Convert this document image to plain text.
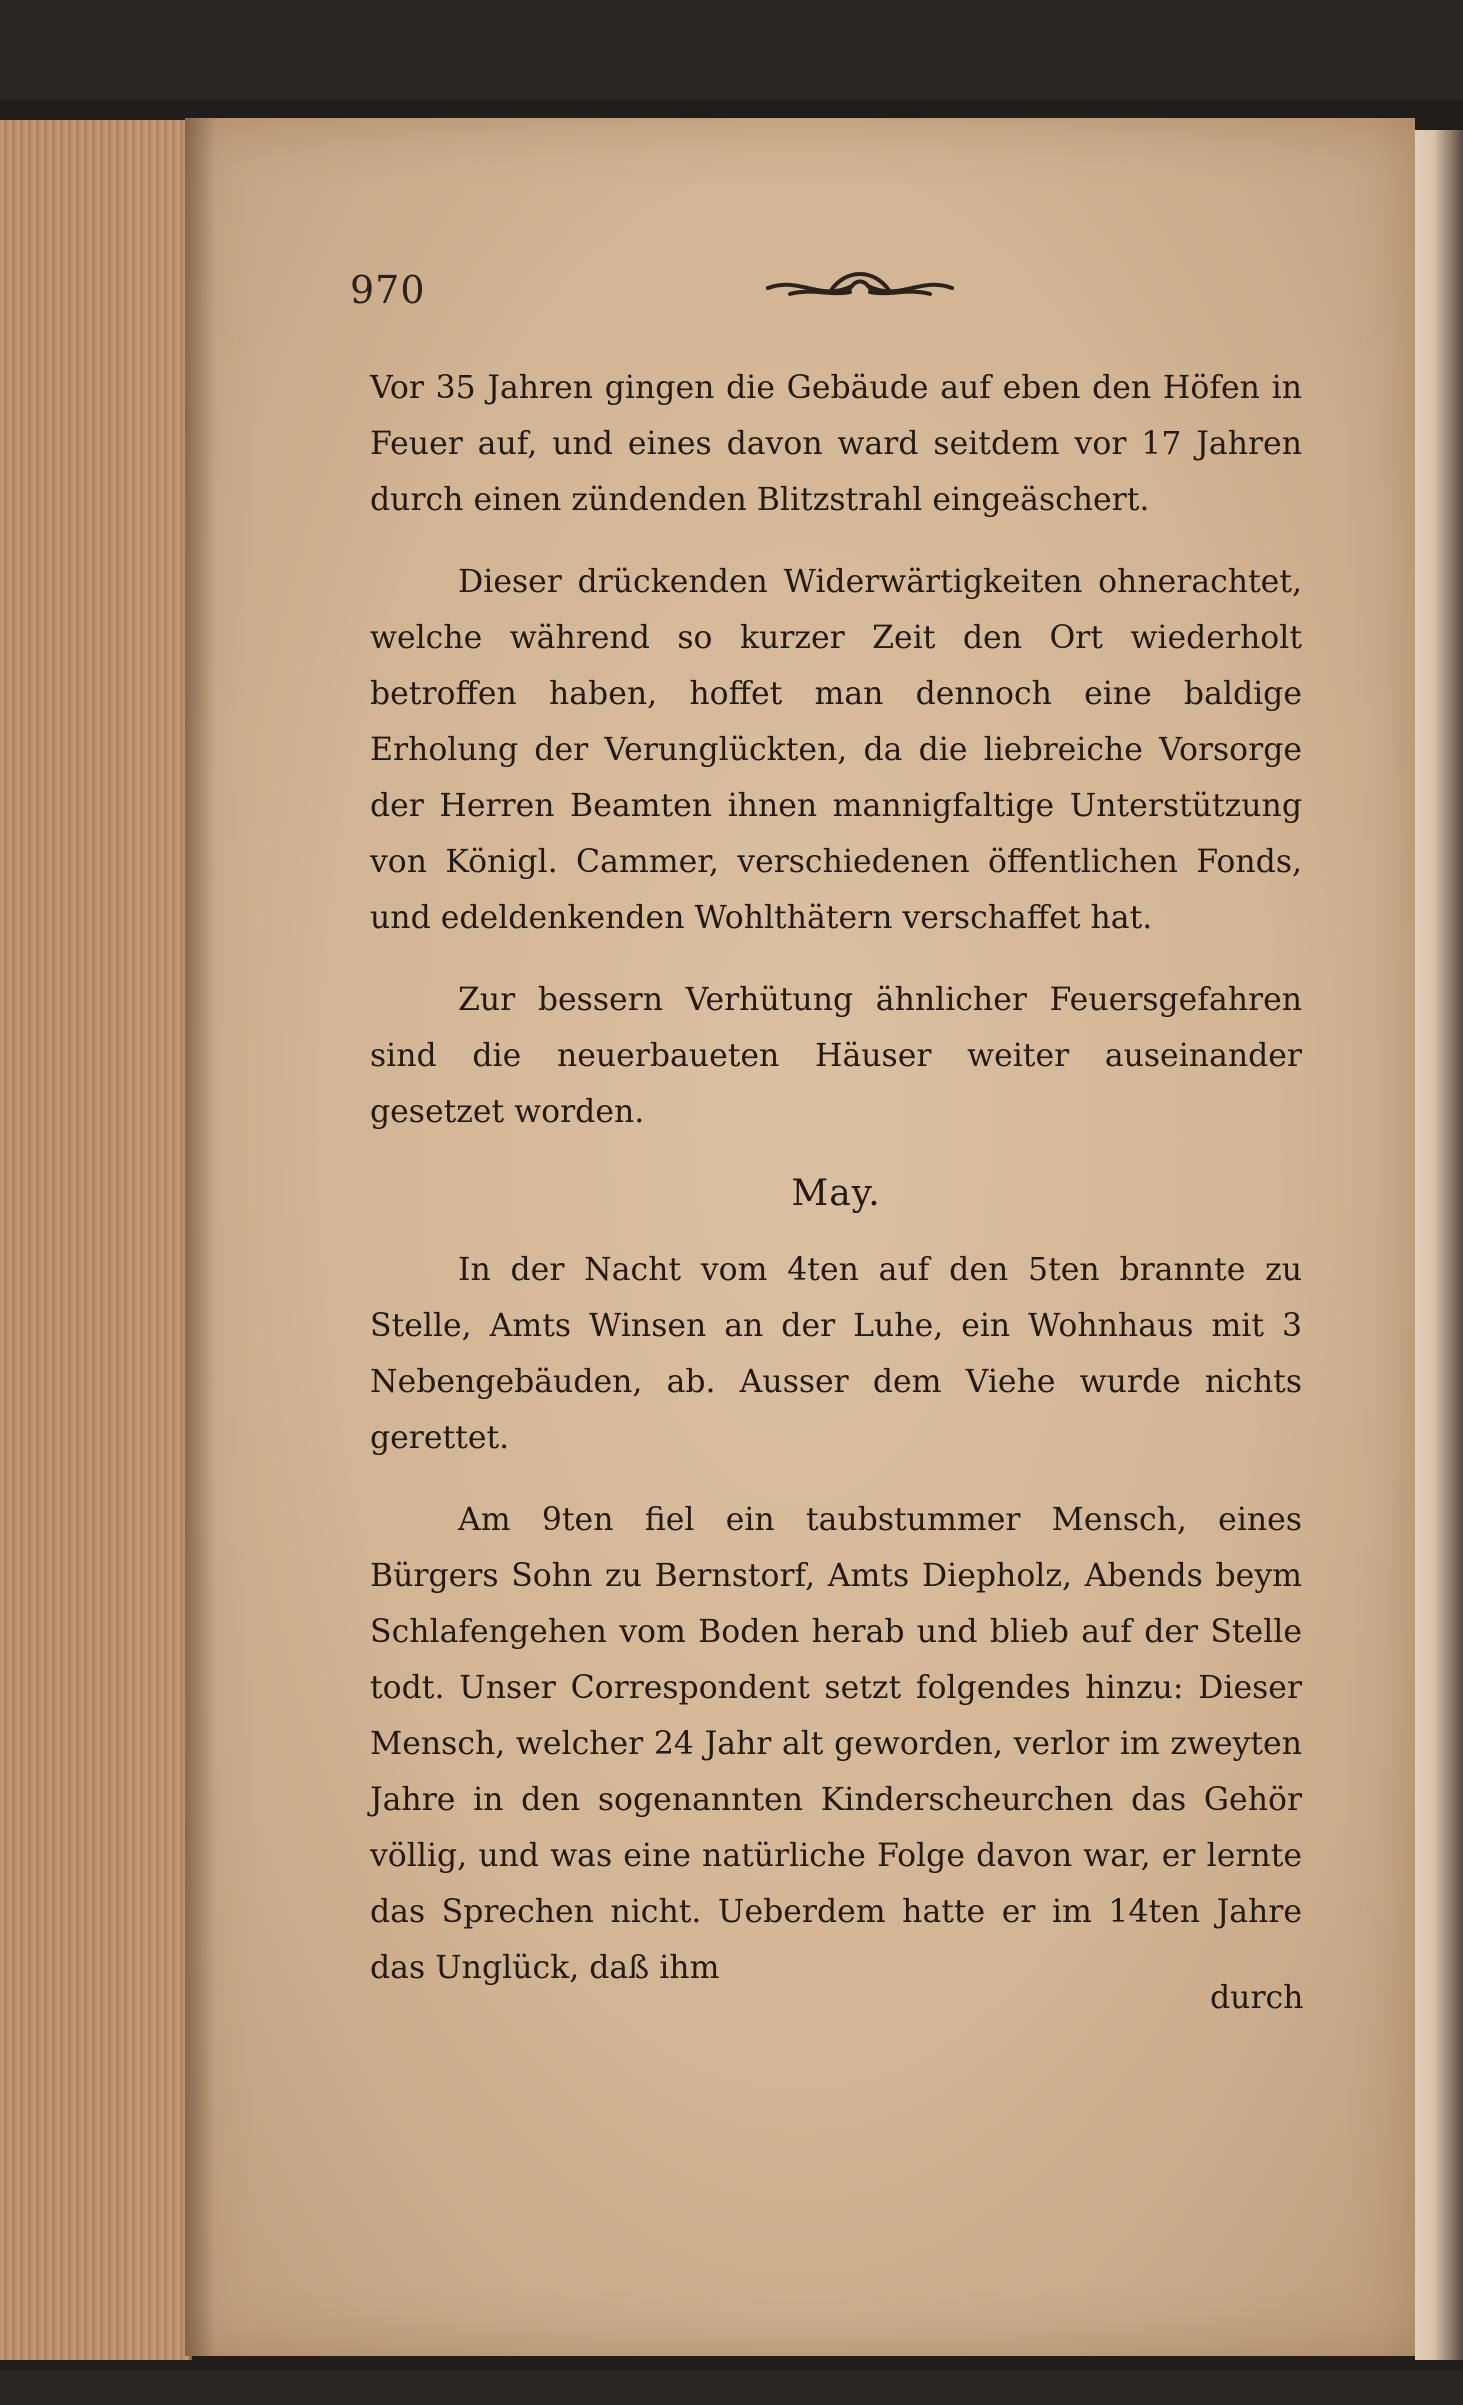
970

Vor 35 Jahren gingen die Gebäude auf eben den Höfen in Feuer auf, und eines davon ward seitdem vor 17 Jahren durch einen zündenden Blitzstrahl eingeäschert.

Dieser drückenden Widerwärtigkeiten ohnerachtet, welche während so kurzer Zeit den Ort wiederholt betroffen haben, hoffet man dennoch eine baldige Erholung der Verunglückten, da die liebreiche Vorsorge der Herren Beamten ihnen mannigfaltige Unterstützung von Königl. Cammer, verschiedenen öffentlichen Fonds, und edeldenkenden Wohlthätern verschaffet hat.

Zur bessern Verhütung ähnlicher Feuersgefahren sind die neuerbaueten Häuser weiter auseinander gesetzet worden.

May.

In der Nacht vom 4ten auf den 5ten brannte zu Stelle, Amts Winsen an der Luhe, ein Wohnhaus mit 3 Nebengebäuden, ab. Ausser dem Viehe wurde nichts gerettet.

Am 9ten fiel ein taubstummer Mensch, eines Bürgers Sohn zu Bernstorf, Amts Diepholz, Abends beym Schlafengehen vom Boden herab und blieb auf der Stelle todt. Unser Correspondent setzt folgendes hinzu: Dieser Mensch, welcher 24 Jahr alt geworden, verlor im zweyten Jahre in den sogenannten Kinderscheurchen das Gehör völlig, und was eine natürliche Folge davon war, er lernte das Sprechen nicht. Ueberdem hatte er im 14ten Jahre das Unglück, daß ihm

durch
